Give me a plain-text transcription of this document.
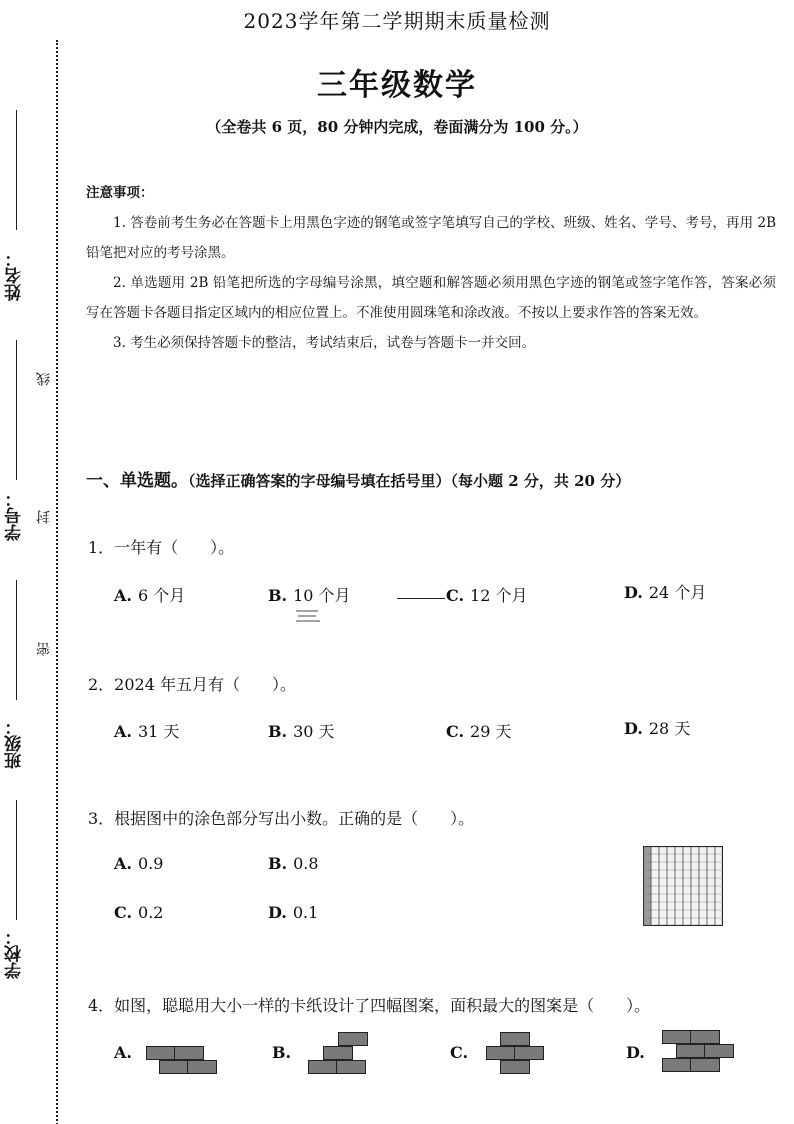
姓名：
学号：
班级：
学校：
线
封
密
2023学年第二学期期末质量检测
三年级数学
（全卷共 6 页，80 分钟内完成，卷面满分为 100 分。）
注意事项：
1. 答卷前考生务必在答题卡上用黑色字迹的钢笔或签字笔填写自己的学校、班级、姓名、学号、考号，再用 2B 铅笔把对应的考号涂黑。
2. 单选题用 2B 铅笔把所选的字母编号涂黑，填空题和解答题必须用黑色字迹的钢笔或签字笔作答，答案必须写在答题卡各题目指定区域内的相应位置上。不准使用圆珠笔和涂改液。不按以上要求作答的答案无效。
3. 考生必须保持答题卡的整洁，考试结束后，试卷与答题卡一并交回。
一、单选题。（选择正确答案的字母编号填在括号里）（每小题 2 分，共 20 分）
1．一年有（　　）。
A. 6 个月	B. 10 个月	C. 12 个月	D. 24 个月
2．2024 年五月有（　　）。
A. 31 天	B. 30 天	C. 29 天	D. 28 天
3．根据图中的涂色部分写出小数。正确的是（　　）。
A. 0.9	B. 0.8
C. 0.2	D. 0.1
4．如图，聪聪用大小一样的卡纸设计了四幅图案，面积最大的图案是（　　）。
A.	B.	C.	D.
